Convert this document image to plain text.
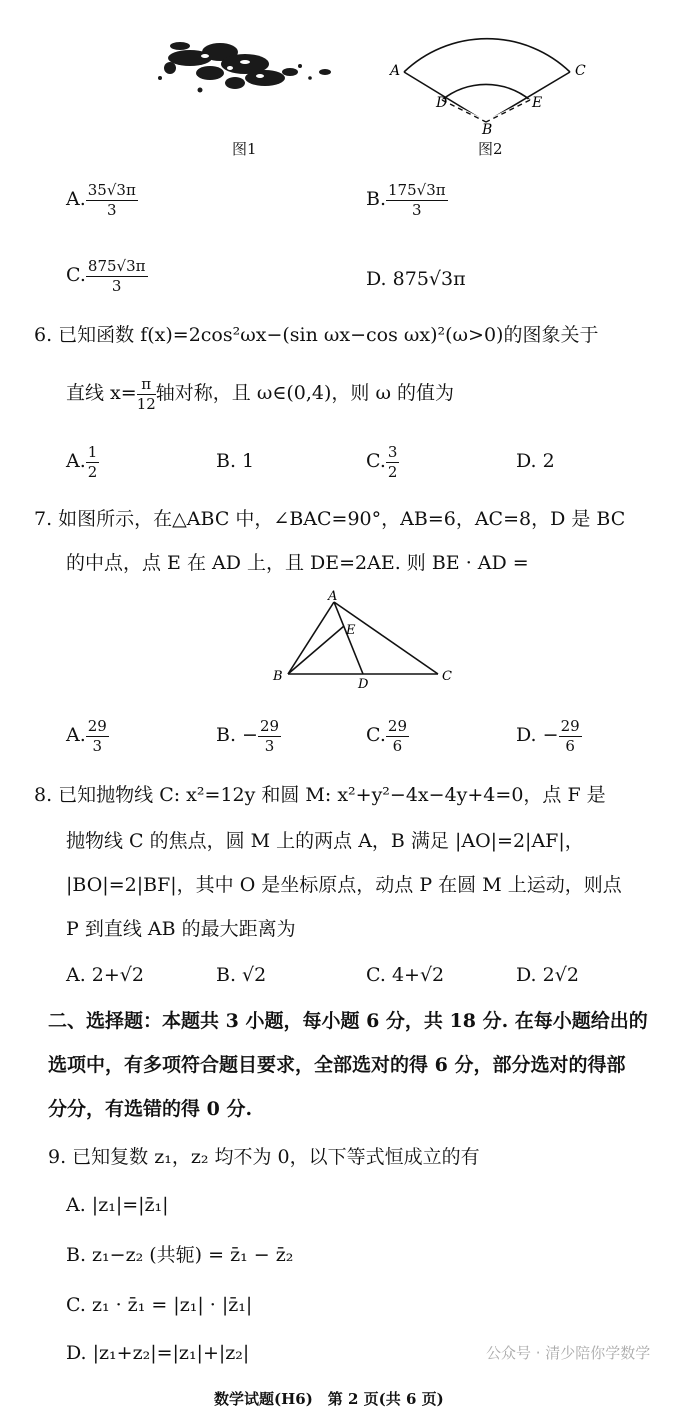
图1
A	C
D	E
B
图2
A. $\frac{35√3\pi}{3}$	B. $\frac{175√3\pi}{3}$
C. $\frac{875√3\pi}{3}$	D. 875√3π
6. 已知函数 f(x)=2cos²ωx−(sin ωx−cos ωx)²(ω>0)的图象关于
直线 $x= \frac{\pi}{12}$ 轴对称，且 ω∈(0,4)，则 ω 的值为
A. $\frac{1}{2}$	B. 1	C. $\frac{3}{2}$	D. 2
7. 如图所示，在△ABC 中，∠BAC=90°，AB=6，AC=8，D 是 BC
的中点，点 E 在 AD 上，且 DE=2AE. 则 BE · AD =
A
B	C
D
E
A. $\frac{29}{3}$	B. − $\frac{29}{3}$	C. $\frac{29}{6}$	D. − $\frac{29}{6}$
8. 已知抛物线 C: x²=12y 和圆 M: x²+y²−4x−4y+4=0，点 F 是
抛物线 C 的焦点，圆 M 上的两点 A，B 满足 |AO|=2|AF|，
|BO|=2|BF|，其中 O 是坐标原点，动点 P 在圆 M 上运动，则点
P 到直线 AB 的最大距离为
A. 2+√2	B. √2	C. 4+√2	D. 2√2
二、选择题：本题共 3 小题，每小题 6 分，共 18 分. 在每小题给出的
选项中，有多项符合题目要求，全部选对的得 6 分，部分选对的得部
分分，有选错的得 0 分.
9. 已知复数 z₁，z₂ 均不为 0，以下等式恒成立的有
A. |z₁|=|z̄₁|
B. z₁−z₂ (共轭) = z̄₁ − z̄₂
C. z₁ · z̄₁ = |z₁| · |z̄₁|
D. |z₁+z₂|=|z₁|+|z₂|
数学试题(H6)　第 2 页(共 6 页)
公众号 · 清少陪你学数学
